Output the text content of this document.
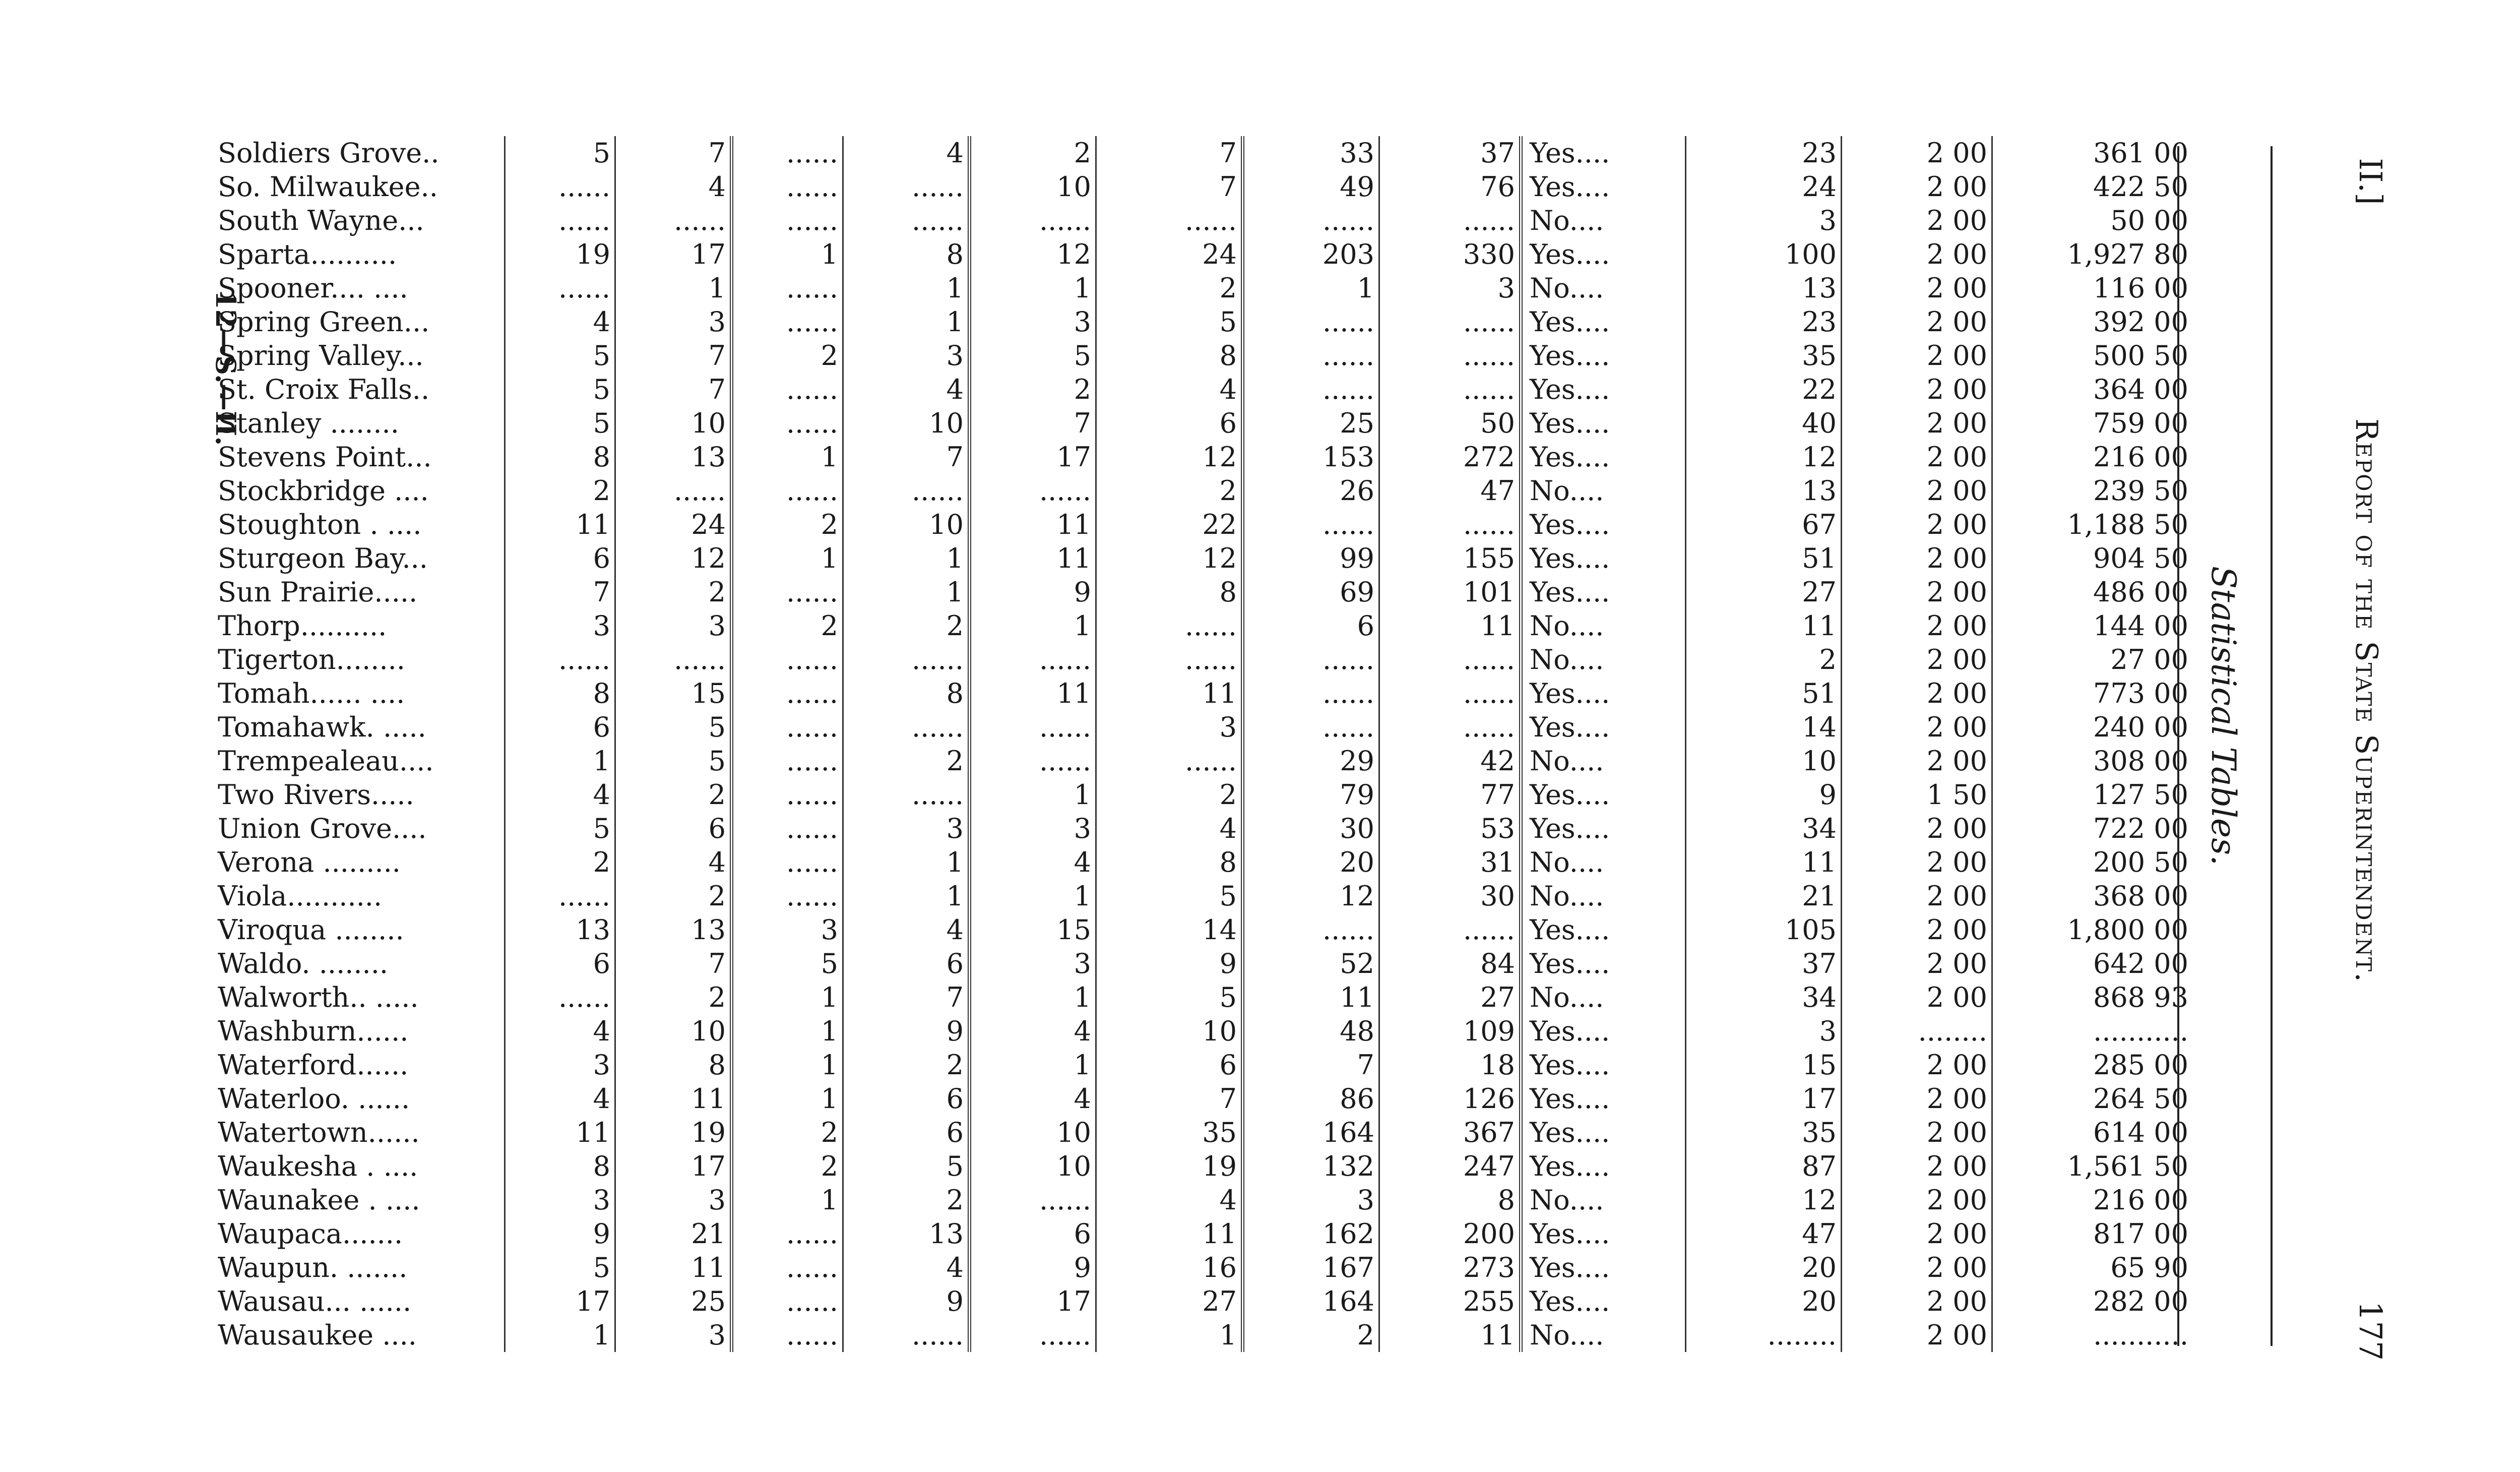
Soldiers Grove..	5	7	......	4	2	7	33	37	Yes....	23	2 00	361 00
So. Milwaukee..	......	4	......	......	10	7	49	76	Yes....	24	2 00	422 50
South Wayne...	......	......	......	......	......	......	......	......	No....	3	2 00	50 00
Sparta..........	19	17	1	8	12	24	203	330	Yes....	100	2 00	1,927 80
Spooner.... ....	......	1	......	1	1	2	1	3	No....	13	2 00	116 00
Spring Green...	4	3	......	1	3	5	......	......	Yes....	23	2 00	392 00
Spring Valley...	5	7	2	3	5	8	......	......	Yes....	35	2 00	500 50
St. Croix Falls..	5	7	......	4	2	4	......	......	Yes....	22	2 00	364 00
Stanley ........	5	10	......	10	7	6	25	50	Yes....	40	2 00	759 00
Stevens Point...	8	13	1	7	17	12	153	272	Yes....	12	2 00	216 00
Stockbridge ....	2	......	......	......	......	2	26	47	No....	13	2 00	239 50
Stoughton . ....	11	24	2	10	11	22	......	......	Yes....	67	2 00	1,188 50
Sturgeon Bay...	6	12	1	1	11	12	99	155	Yes....	51	2 00	904 50
Sun Prairie.....	7	2	......	1	9	8	69	101	Yes....	27	2 00	486 00
Thorp..........	3	3	2	2	1	......	6	11	No....	11	2 00	144 00
Tigerton........	......	......	......	......	......	......	......	......	No....	2	2 00	27 00
Tomah...... ....	8	15	......	8	11	11	......	......	Yes....	51	2 00	773 00
Tomahawk. .....	6	5	......	......	......	3	......	......	Yes....	14	2 00	240 00
Trempealeau....	1	5	......	2	......	......	29	42	No....	10	2 00	308 00
Two Rivers.....	4	2	......	......	1	2	79	77	Yes....	9	1 50	127 50
Union Grove....	5	6	......	3	3	4	30	53	Yes....	34	2 00	722 00
Verona .........	2	4	......	1	4	8	20	31	No....	11	2 00	200 50
Viola...........	......	2	......	1	1	5	12	30	No....	21	2 00	368 00
Viroqua ........	13	13	3	4	15	14	......	......	Yes....	105	2 00	1,800 00
Waldo. ........	6	7	5	6	3	9	52	84	Yes....	37	2 00	642 00
Walworth.. .....	......	2	1	7	1	5	11	27	No....	34	2 00	868 93
Washburn......	4	10	1	9	4	10	48	109	Yes....	3	........	...........
Waterford......	3	8	1	2	1	6	7	18	Yes....	15	2 00	285 00
Waterloo. ......	4	11	1	6	4	7	86	126	Yes....	17	2 00	264 50
Watertown......	11	19	2	6	10	35	164	367	Yes....	35	2 00	614 00
Waukesha . ....	8	17	2	5	10	19	132	247	Yes....	87	2 00	1,561 50
Waunakee . ....	3	3	1	2	......	4	3	8	No....	12	2 00	216 00
Waupaca.......	9	21	......	13	6	11	162	200	Yes....	47	2 00	817 00
Waupun. .......	5	11	......	4	9	16	167	273	Yes....	20	2 00	65 90
Wausau... ......	17	25	......	9	17	27	164	255	Yes....	20	2 00	282 00
Wausaukee ....	1	3	......	......	......	1	2	11	No....	........	2 00	...........
Statistical Tables.
II.]
Report of the State Superintendent.
177
12—S.—II.
